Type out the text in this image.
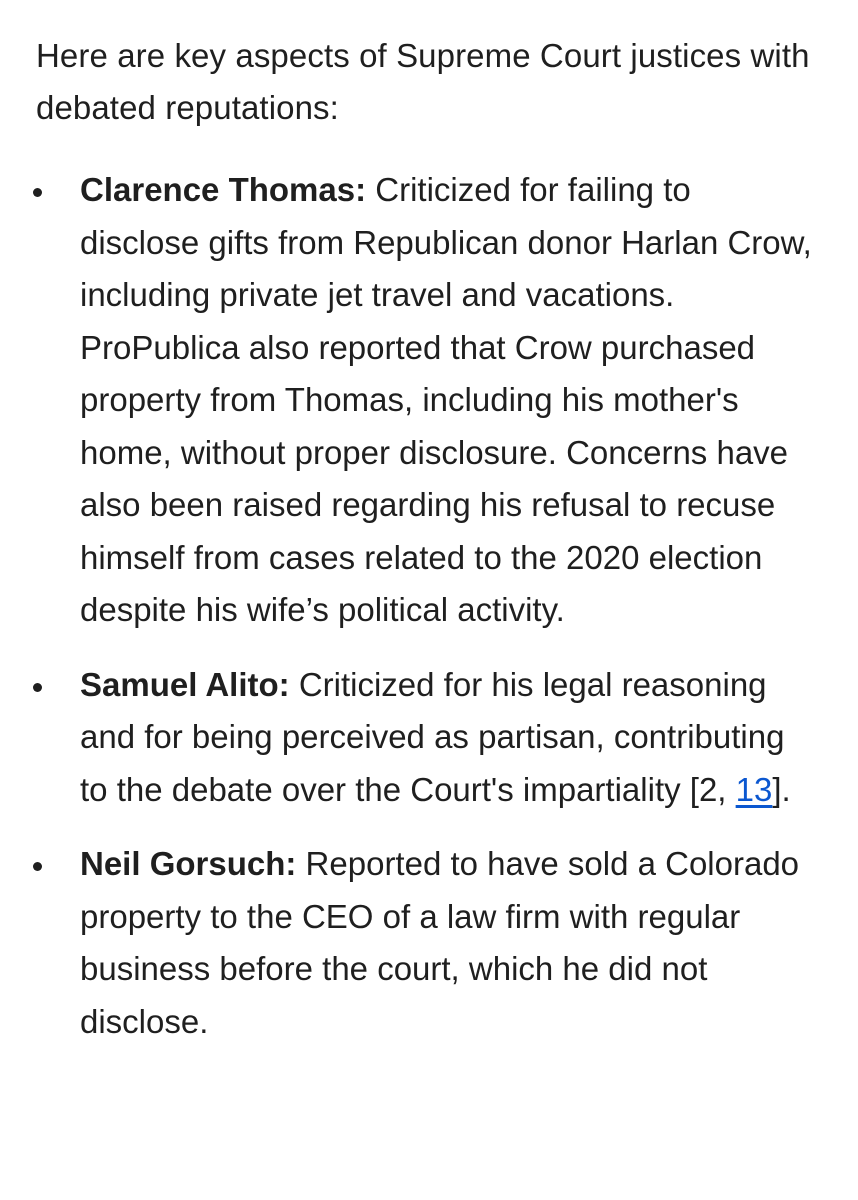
Here are key aspects of Supreme Court justices with debated reputations:

Clarence Thomas: Criticized for failing to disclose gifts from Republican donor Harlan Crow, including private jet travel and vacations. ProPublica also reported that Crow purchased property from Thomas, including his mother's home, without proper disclosure. Concerns have also been raised regarding his refusal to recuse himself from cases related to the 2020 election despite his wife’s political activity.
Samuel Alito: Criticized for his legal reasoning and for being perceived as partisan, contributing to the debate over the Court's impartiality [2, 13].
Neil Gorsuch: Reported to have sold a Colorado property to the CEO of a law firm with regular business before the court, which he did not disclose.
